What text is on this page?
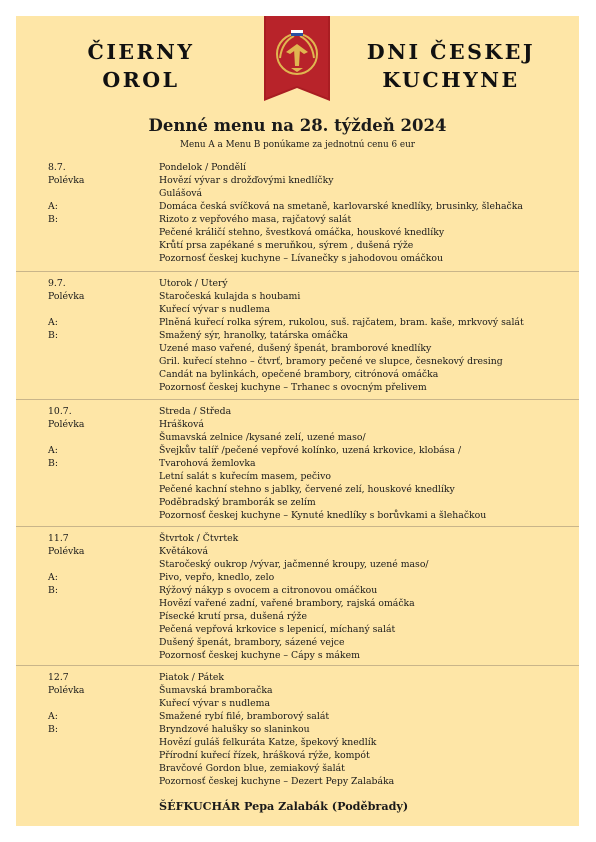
ČIERNY
OROL
DNI ČESKEJ
KUCHYNE

Denné menu na 28. týždeň 2024

Menu A a Menu B ponúkame za jednotnú cenu 6 eur

8.7.
Polévka
A:
B:
Pondelok / Pondělí
Hovězí vývar s drožďovými knedlíčky
Gulášová
Domácа česká svíčková na smetaně, karlovarské knedlíky, brusinky, šlehačka
Rizoto z vepřového masa, rajčatový salát
Pečené králičí stehno, švestková omáčka, houskové knedlíky
Krůtí prsa zapékané s meruňkou, sýrem , dušená rýže
Pozornosť českej kuchyne – Lívanečky s jahodovou omáčkou
9.7.
Polévka
A:
B:
Utorok / Uterý
Staročeská kulajda s houbami
Kuřecí vývar s nudlema
Plněná kuřecí rolka sýrem, rukolou, suš. rajčatem, bram. kaše, mrkvový salát
Smažený sýr, hranolky, tatárska omáčka
Uzené maso vařené, dušený špenát, bramborové knedlíky
Gril. kuřecí stehno – čtvrť, bramory pečené ve slupce, česnekový dresing
Candát na bylinkách, opečené brambory, citrónová omáčka
Pozornosť českej kuchyne – Trhanec s ovocným přelivem
10.7.
Polévka
A:
B:
Streda / Středa
Hrášková
Šumavská zelnice /kysané zelí, uzené maso/
Švejkův talíř /pečené vepřové kolínko, uzená krkovice, klobása /
Tvarohová žemlovka
Letní salát s kuřecím masem, pečivo
Pečené kachní stehno s jablky, červené zelí, houskové knedlíky
Poděbradský bramborák se zelím
Pozornosť českej kuchyne – Kynuté knedlíky s borůvkami a šlehačkou
11.7
Polévka
A:
B:
Štvrtok / Čtvrtek
Květáková
Staročeský oukrop /vývar, jačmenné kroupy, uzené maso/
Pivo, vepřo, knedlo, zelo
Rýžový nákyp s ovocem a citronovou omáčkou
Hovězí vařené zadní, vařené brambory, rajská omáčka
Písecké krutí prsa, dušená rýže
Pečená vepřová krkovice s lepenicí, míchaný salát
Dušený špenát, brambory, sázené vejce
Pozornosť českej kuchyne – Cápy s mákem
12.7
Polévka
A:
B:
Piatok / Pátek
Šumavská bramboračka
Kuřecí vývar s nudlema
Smažené rybí filé, bramborový salát
Bryndzové halušky so slaninkou
Hovězí guláš felkuráta Katze, špekový knedlík
Přírodní kuřecí řízek, hrášková rýže, kompót
Bravčové Gordon blue, zemiakový šalát
Pozornosť českej kuchyne – Dezert Pepy Zalabáka

ŠÉFKUCHÁR Pepa Zalabák (Poděbrady)
